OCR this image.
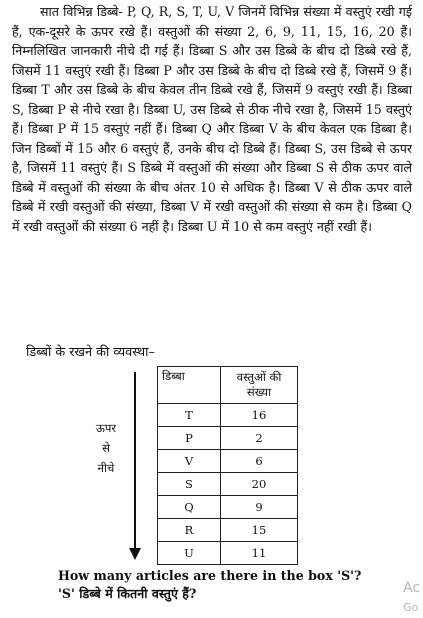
सात विभिन्न डिब्बे- P, Q, R, S, T, U, V जिनमें विभिन्न संख्या में वस्तुएं रखी गई हैं, एक-दूसरे के ऊपर रखे हैं। वस्तुओं की संख्या 2, 6, 9, 11, 15, 16, 20 हैं। निम्नलिखित जानकारी नीचे दी गई हैं। डिब्बा S और उस डिब्बे के बीच दो डिब्बे रखे हैं, जिसमें 11 वस्तुएं रखी हैं। डिब्बा P और उस डिब्बे के बीच दो डिब्बे रखे हैं, जिसमें 9 हैं। डिब्बा T और उस डिब्बे के बीच केवल तीन डिब्बे रखे हैं, जिसमें 9 वस्तुएं रखी हैं। डिब्बा S, डिब्बा P से नीचे रखा है। डिब्बा U, उस डिब्बे से ठीक नीचे रखा है, जिसमें 15 वस्तुएं हैं। डिब्बा P में 15 वस्तुएं नहीं हैं। डिब्बा Q और डिब्बा V के बीच केवल एक डिब्बा है। जिन डिब्बों में 15 और 6 वस्तुएं हैं, उनके बीच दो डिब्बे हैं। डिब्बा S, उस डिब्बे से ऊपर है, जिसमें 11 वस्तुएं हैं। S डिब्बे में वस्तुओं की संख्या और डिब्बा S से ठीक ऊपर वाले डिब्बे में वस्तुओं की संख्या के बीच अंतर 10 से अधिक है। डिब्बा V से ठीक ऊपर वाले डिब्बे में रखी वस्तुओं की संख्या, डिब्बा V में रखी वस्तुओं की संख्या से कम है। डिब्बा Q में रखी वस्तुओं की संख्या 6 नहीं है। डिब्बा U में 10 से कम वस्तुएं नहीं रखी हैं।

डिब्बों के रखने की व्यवस्था–

ऊपर
से
नीचे
डिब्बा	वस्तुओं की संख्या
T	16
P	2
V	6
S	20
Q	9
R	15
U	11
How many articles are there in the box 'S'?
'S' डिब्बे में कितनी वस्तुएं हैं?	Ac
Go
